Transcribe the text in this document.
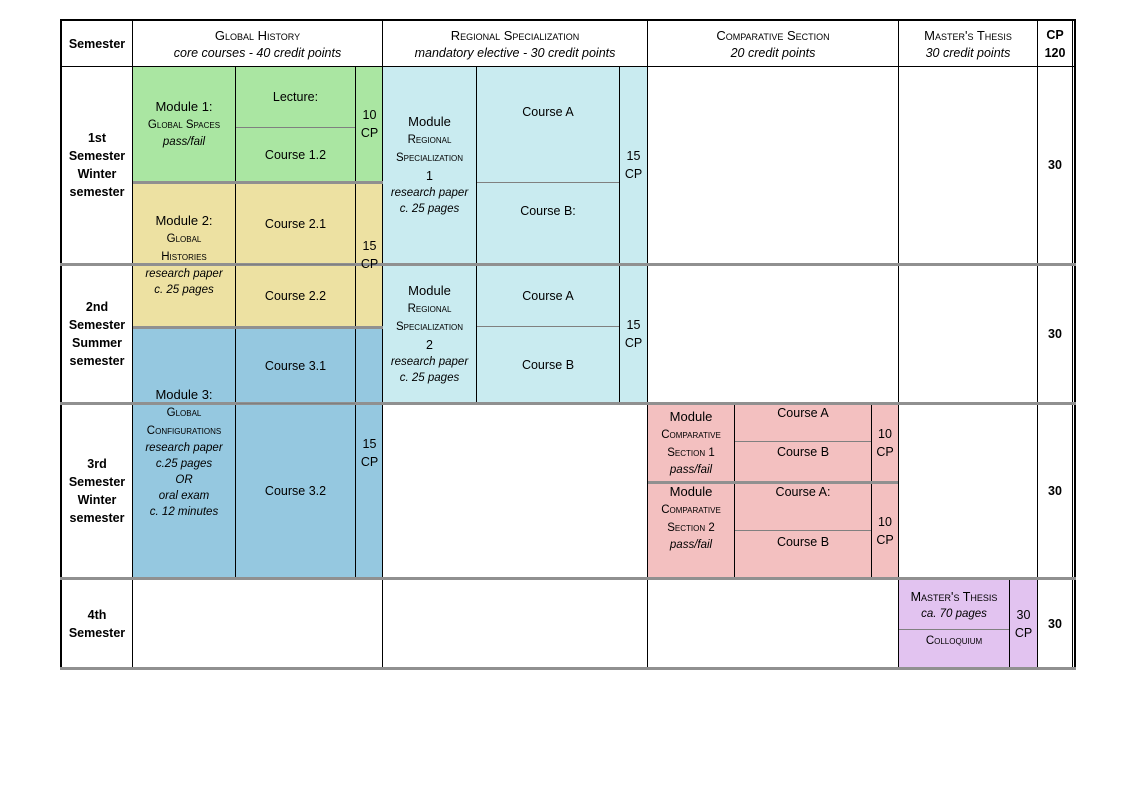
Semester
Global History
core courses - 40 credit points
Regional Specialization
mandatory elective - 30 credit points
Comparative Section
20 credit points
Master's Thesis
30 credit points
CP
120
1st
Semester
Winter
semester
2nd
Semester
Summer
semester
3rd
Semester
Winter
semester
4th
Semester
30
30
30
30
Module 1:
Global Spaces
pass/fail
Lecture:
Course 1.2
10
CP
Module 2:
Global
Histories
research paper
c. 25 pages
Course 2.1
Course 2.2
15
CP
Module 3:
Global
Configurations
research paper
c.25 pages
OR
oral exam
c. 12 minutes
Course 3.1
Course 3.2
15
CP
Module
Regional
Specialization
1
research paper
c. 25 pages
Course A
Course B:
15
CP
Module
Regional
Specialization
2
research paper
c. 25 pages
Course A
Course B
15
CP
Module
Comparative
Section 1
pass/fail
Course A
Course B
10
CP
Module
Comparative
Section 2
pass/fail
Course A:
Course B
10
CP
Master's Thesis
ca. 70 pages
Colloquium
30
CP
